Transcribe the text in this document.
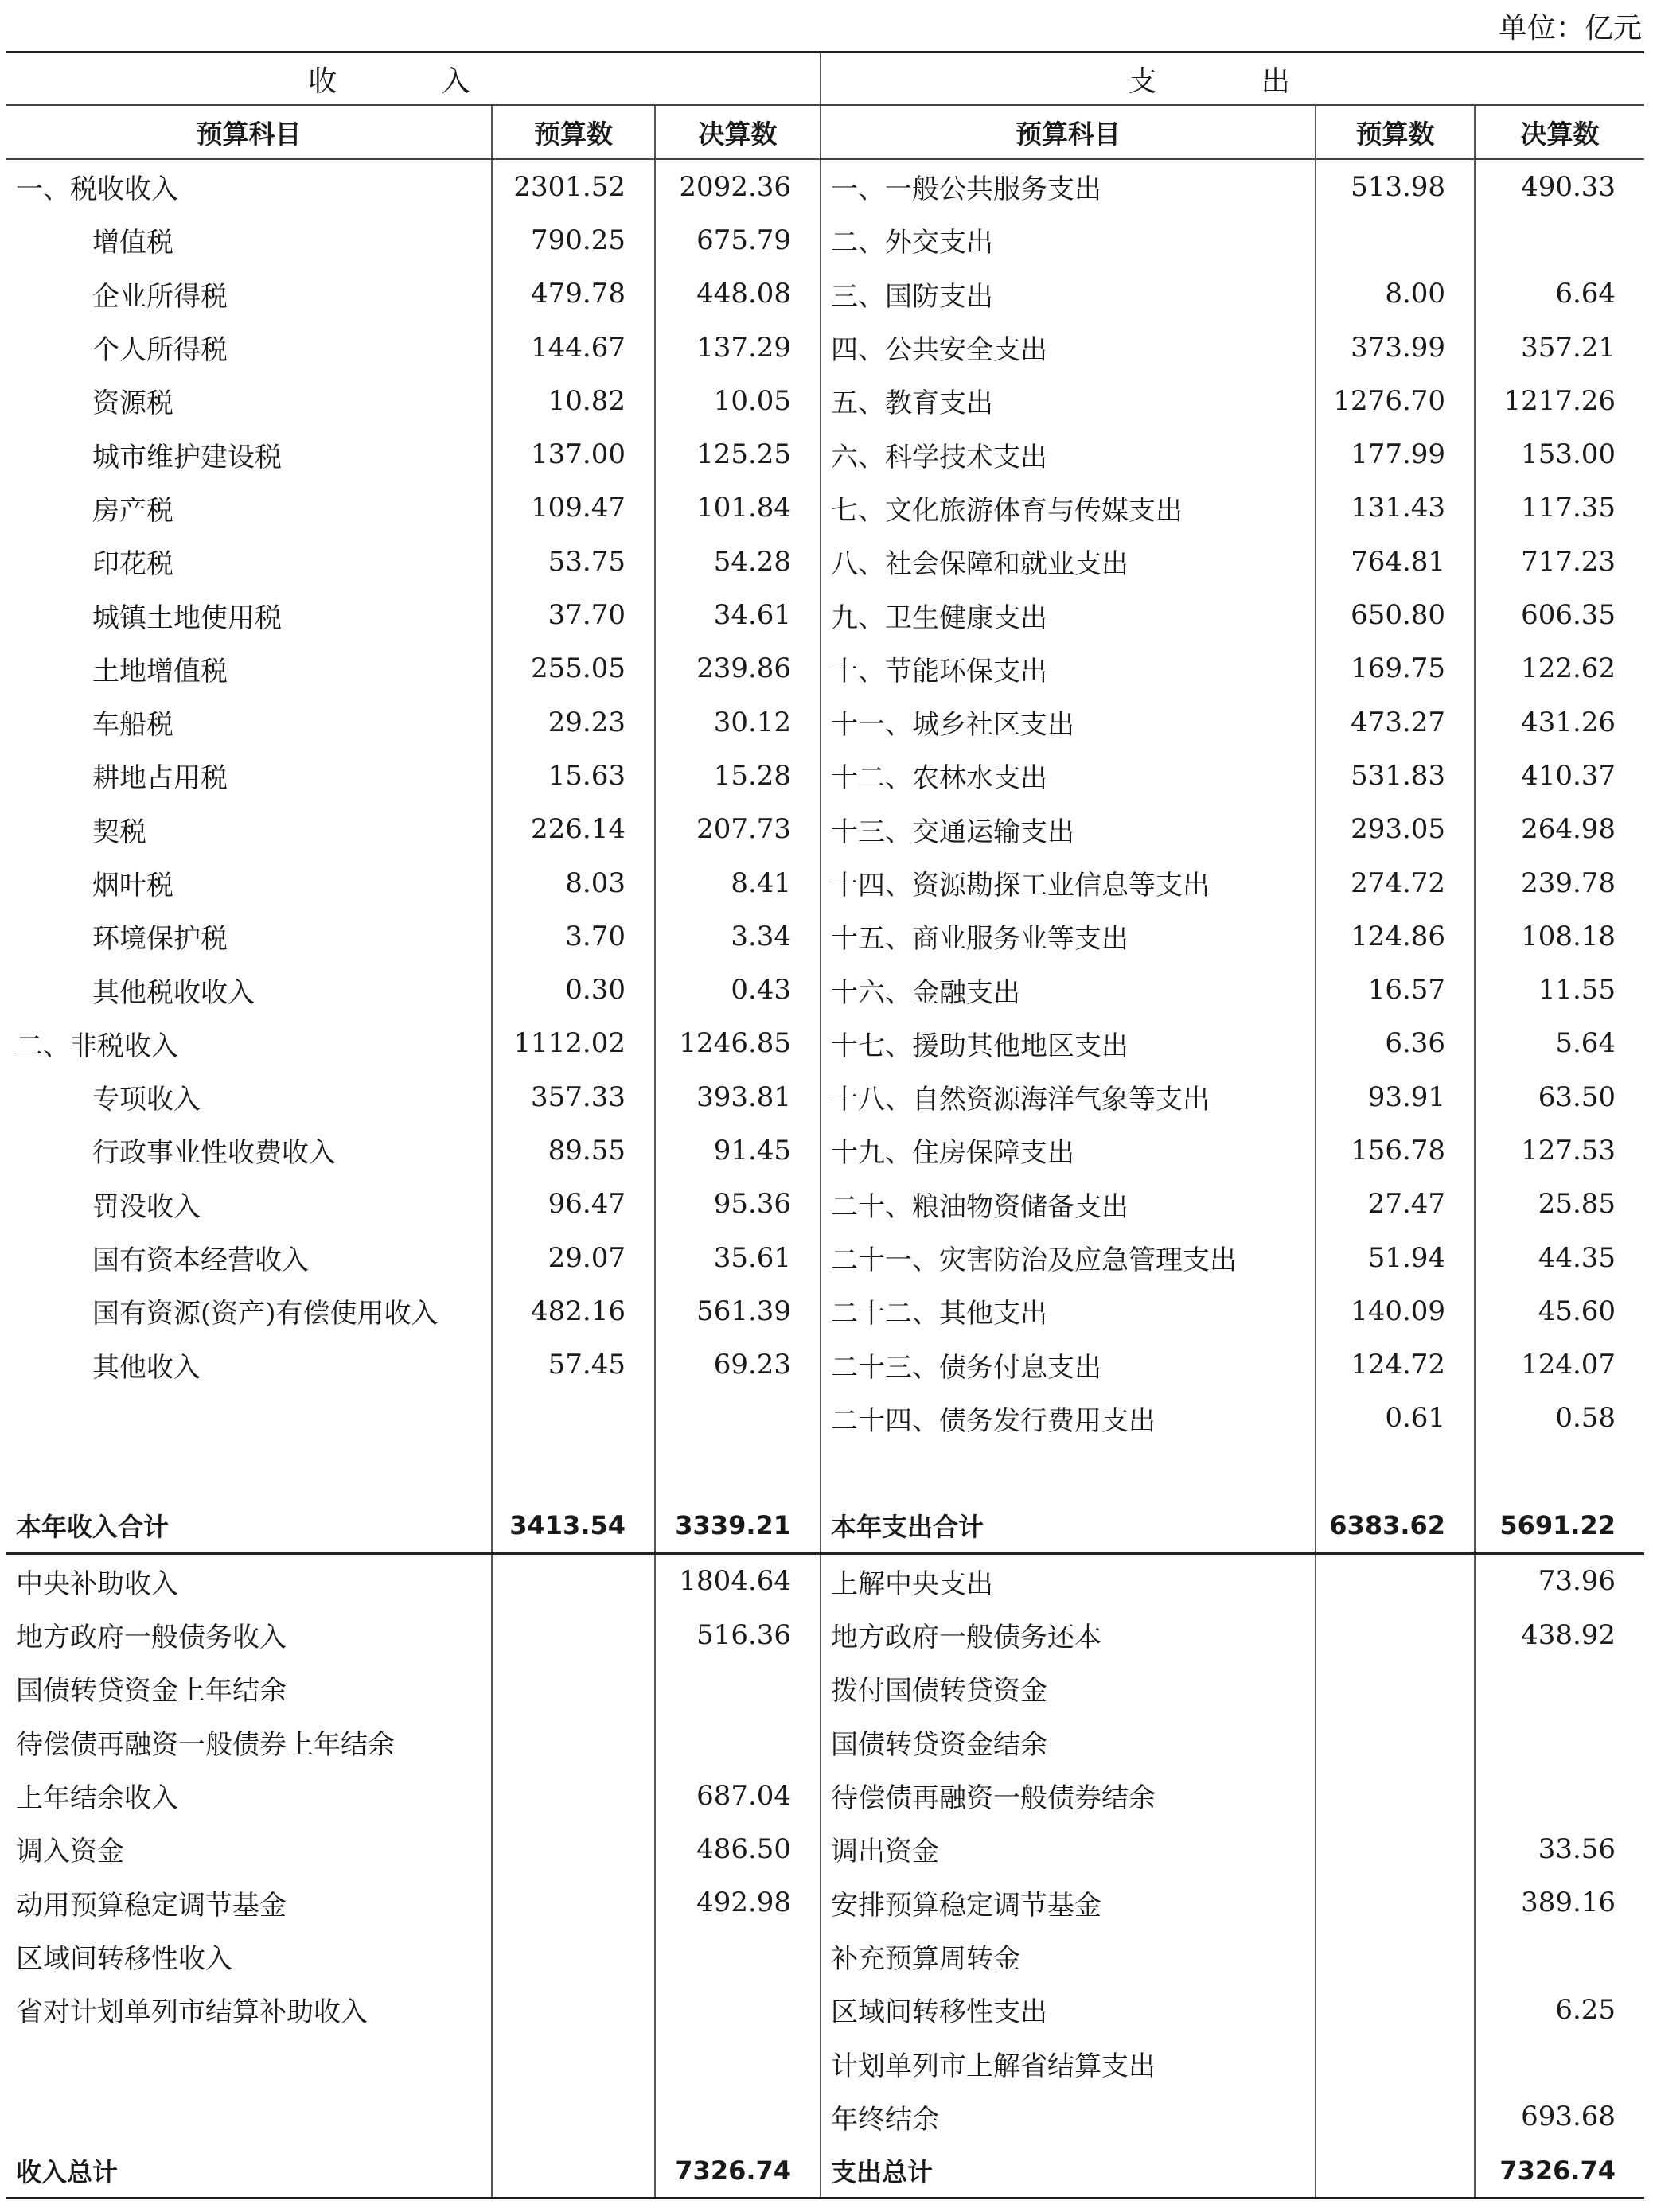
单位：亿元
收 入			支 出		
预算科目	预算数	决算数	预算科目	预算数	决算数
一、税收收入	2301.52	2092.36	一、一般公共服务支出	513.98	490.33
增值税	790.25	675.79	二、外交支出		
企业所得税	479.78	448.08	三、国防支出	8.00	6.64
个人所得税	144.67	137.29	四、公共安全支出	373.99	357.21
资源税	10.82	10.05	五、教育支出	1276.70	1217.26
城市维护建设税	137.00	125.25	六、科学技术支出	177.99	153.00
房产税	109.47	101.84	七、文化旅游体育与传媒支出	131.43	117.35
印花税	53.75	54.28	八、社会保障和就业支出	764.81	717.23
城镇土地使用税	37.70	34.61	九、卫生健康支出	650.80	606.35
土地增值税	255.05	239.86	十、节能环保支出	169.75	122.62
车船税	29.23	30.12	十一、城乡社区支出	473.27	431.26
耕地占用税	15.63	15.28	十二、农林水支出	531.83	410.37
契税	226.14	207.73	十三、交通运输支出	293.05	264.98
烟叶税	8.03	8.41	十四、资源勘探工业信息等支出	274.72	239.78
环境保护税	3.70	3.34	十五、商业服务业等支出	124.86	108.18
其他税收收入	0.30	0.43	十六、金融支出	16.57	11.55
二、非税收入	1112.02	1246.85	十七、援助其他地区支出	6.36	5.64
专项收入	357.33	393.81	十八、自然资源海洋气象等支出	93.91	63.50
行政事业性收费收入	89.55	91.45	十九、住房保障支出	156.78	127.53
罚没收入	96.47	95.36	二十、粮油物资储备支出	27.47	25.85
国有资本经营收入	29.07	35.61	二十一、灾害防治及应急管理支出	51.94	44.35
国有资源(资产)有偿使用收入	482.16	561.39	二十二、其他支出	140.09	45.60
其他收入	57.45	69.23	二十三、债务付息支出	124.72	124.07
			二十四、债务发行费用支出	0.61	0.58

本年收入合计	3413.54	3339.21	本年支出合计	6383.62	5691.22
中央补助收入		1804.64	上解中央支出		73.96
地方政府一般债务收入		516.36	地方政府一般债务还本		438.92
国债转贷资金上年结余			拨付国债转贷资金		
待偿债再融资一般债券上年结余			国债转贷资金结余		
上年结余收入		687.04	待偿债再融资一般债券结余		
调入资金		486.50	调出资金		33.56
动用预算稳定调节基金		492.98	安排预算稳定调节基金		389.16
区域间转移性收入			补充预算周转金		
省对计划单列市结算补助收入			区域间转移性支出		6.25
			计划单列市上解省结算支出		
			年终结余		693.68
收入总计		7326.74	支出总计		7326.74
